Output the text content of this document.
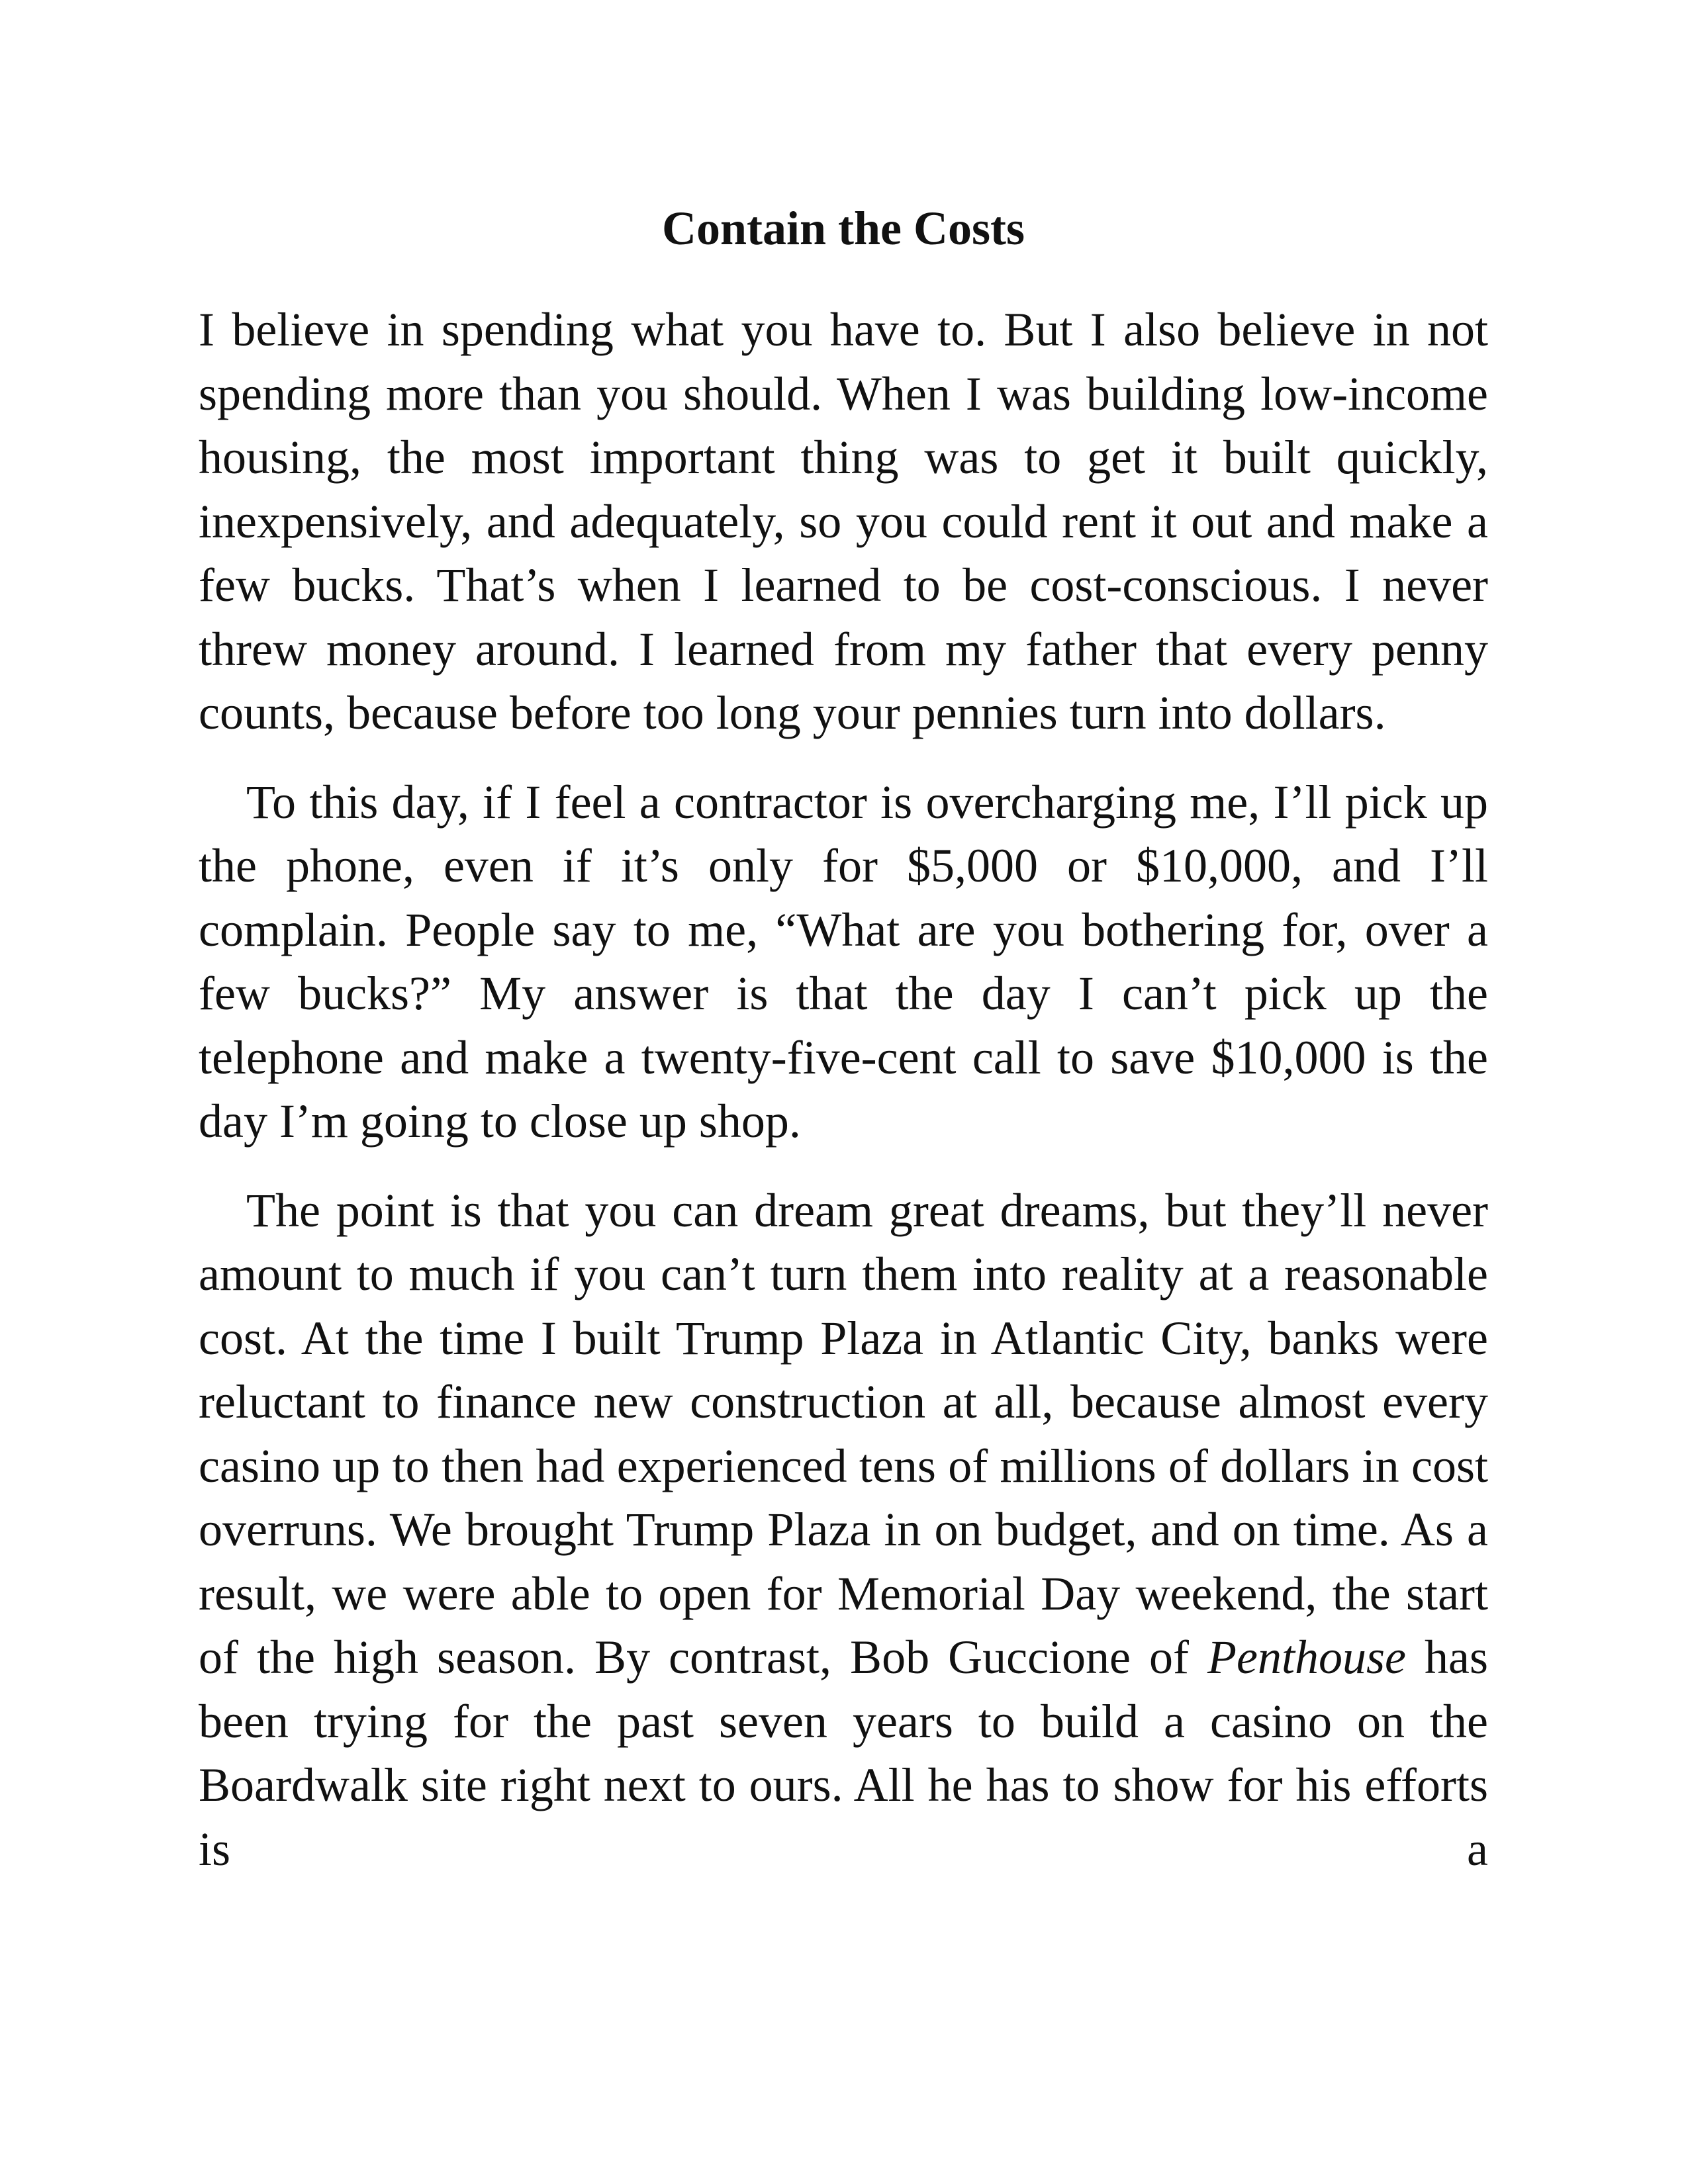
Contain the Costs

I believe in spending what you have to. But I also believe in not spending more than you should. When I was building low-income housing, the most important thing was to get it built quickly, inexpensively, and adequately, so you could rent it out and make a few bucks. That’s when I learned to be cost-conscious. I never threw money around. I learned from my father that every penny counts, because before too long your pennies turn into dollars.

To this day, if I feel a contractor is overcharging me, I’ll pick up the phone, even if it’s only for $5,000 or $10,000, and I’ll complain. People say to me, “What are you bothering for, over a few bucks?” My answer is that the day I can’t pick up the telephone and make a twenty-five-cent call to save $10,000 is the day I’m going to close up shop.

The point is that you can dream great dreams, but they’ll never amount to much if you can’t turn them into reality at a reasonable cost. At the time I built Trump Plaza in Atlantic City, banks were reluctant to finance new construction at all, because almost every casino up to then had experienced tens of millions of dollars in cost overruns. We brought Trump Plaza in on budget, and on time. As a result, we were able to open for Memorial Day weekend, the start of the high season. By contrast, Bob Guccione of Penthouse has been trying for the past seven years to build a casino on the Boardwalk site right next to ours. All he has to show for his efforts is a
